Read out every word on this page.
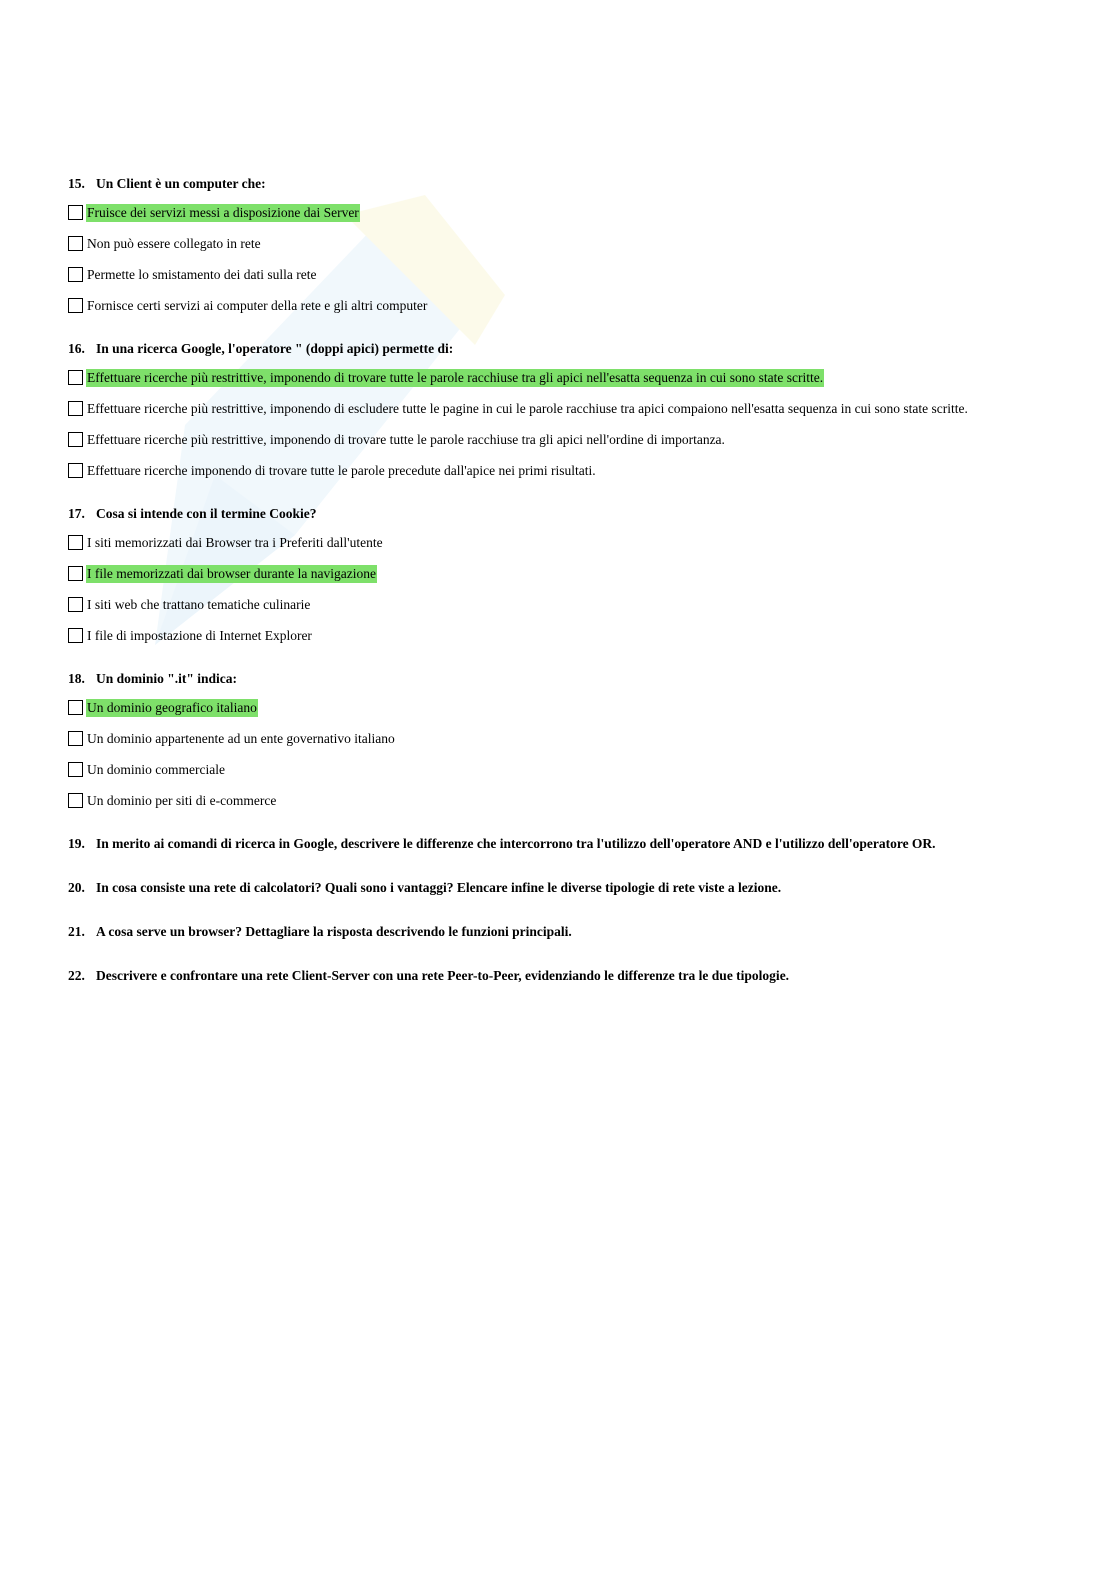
15. Un Client è un computer che:
Fruisce dei servizi messi a disposizione dai Server
Non può essere collegato in rete
Permette lo smistamento dei dati sulla rete
Fornisce certi servizi ai computer della rete e gli altri computer
16. In una ricerca Google, l'operatore " (doppi apici) permette di:
Effettuare ricerche più restrittive, imponendo di trovare tutte le parole racchiuse tra gli apici nell'esatta sequenza in cui sono state scritte.
Effettuare ricerche più restrittive, imponendo di escludere tutte le pagine in cui le parole racchiuse tra apici compaiono nell'esatta sequenza in cui sono state scritte.
Effettuare ricerche più restrittive, imponendo di trovare tutte le parole racchiuse tra gli apici nell'ordine di importanza.
Effettuare ricerche imponendo di trovare tutte le parole precedute dall'apice nei primi risultati.
17. Cosa si intende con il termine Cookie?
I siti memorizzati dai Browser tra i Preferiti dall'utente
I file memorizzati dai browser durante la navigazione
I siti web che trattano tematiche culinarie
I file di impostazione di Internet Explorer
18. Un dominio ".it" indica:
Un dominio geografico italiano
Un dominio appartenente ad un ente governativo italiano
Un dominio commerciale
Un dominio per siti di e-commerce
19. In merito ai comandi di ricerca in Google, descrivere le differenze che intercorrono tra l'utilizzo dell'operatore AND e l'utilizzo dell'operatore OR.
20. In cosa consiste una rete di calcolatori? Quali sono i vantaggi? Elencare infine le diverse tipologie di rete viste a lezione.
21. A cosa serve un browser? Dettagliare la risposta descrivendo le funzioni principali.
22. Descrivere e confrontare una rete Client-Server con una rete Peer-to-Peer, evidenziando le differenze tra le due tipologie.
